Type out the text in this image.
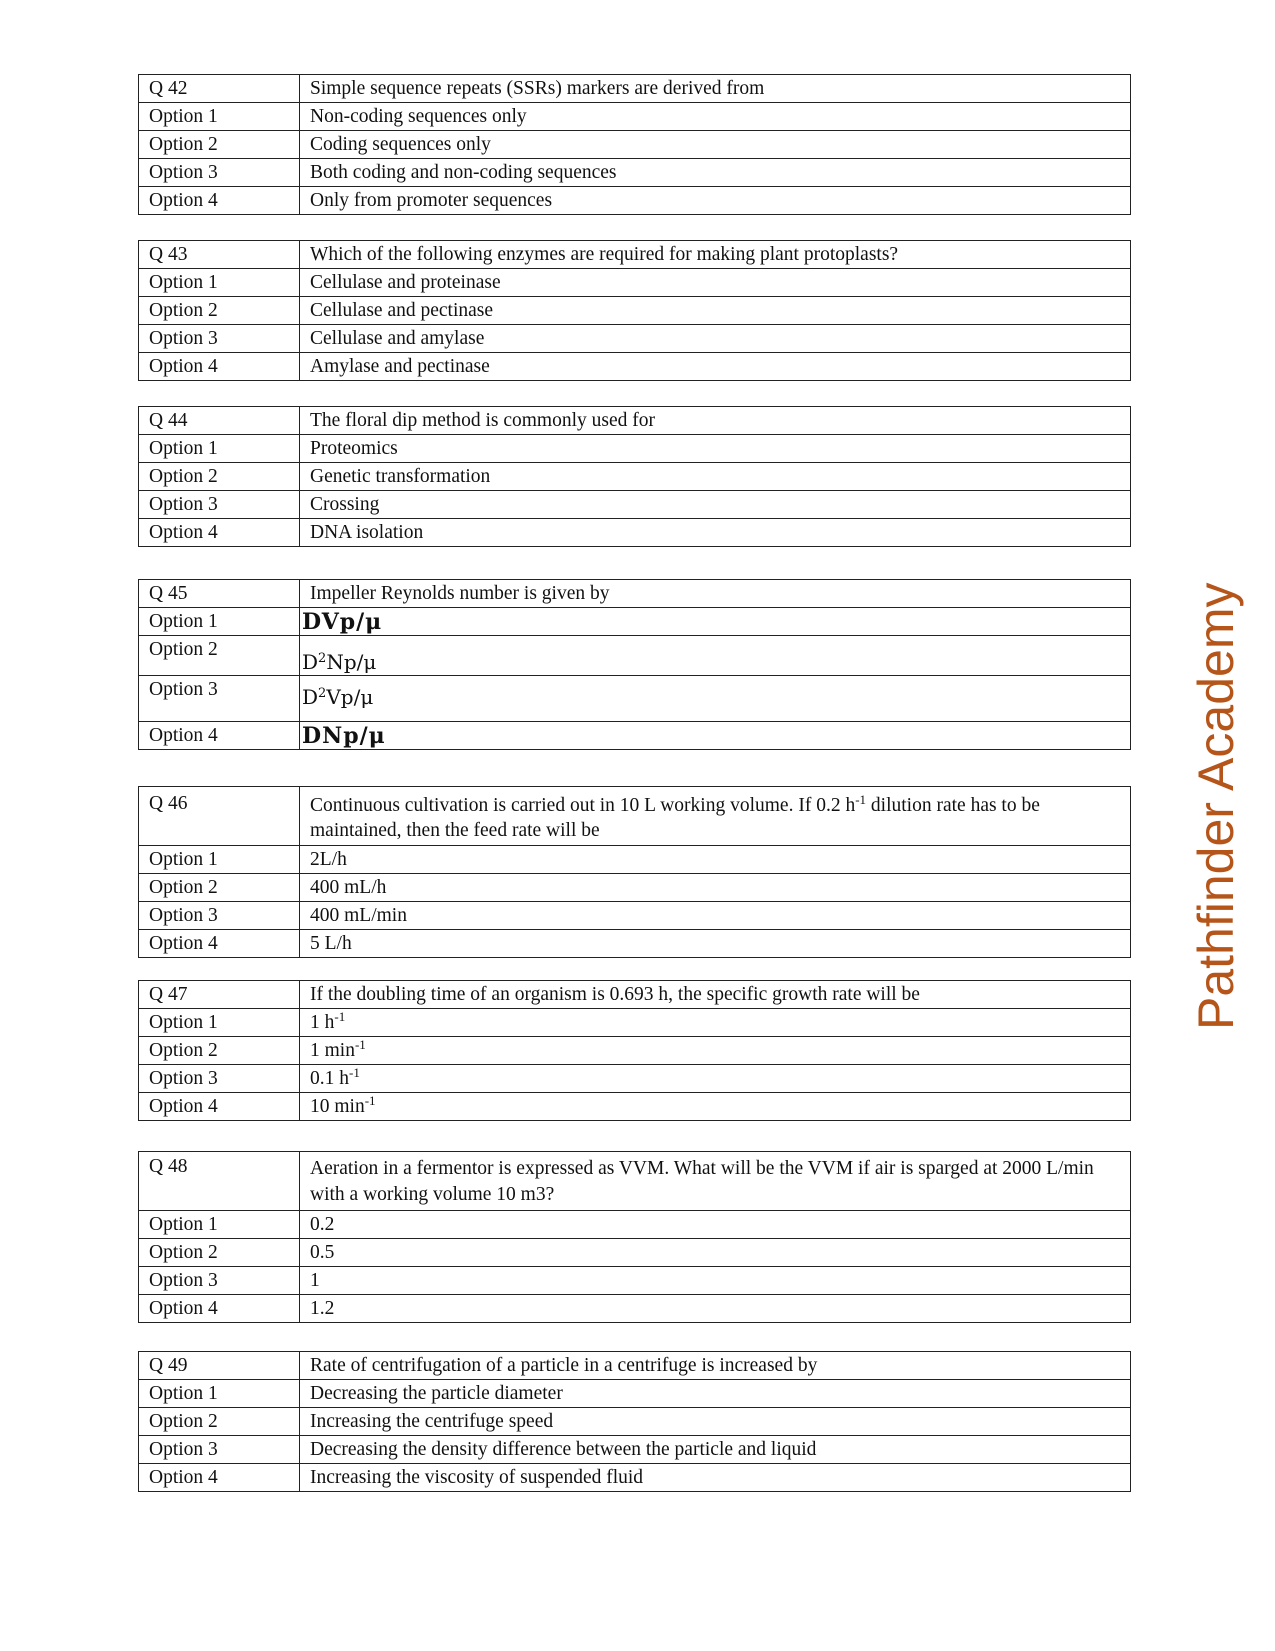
Q 42	Simple sequence repeats (SSRs) markers are derived from
Option 1	Non-coding sequences only
Option 2	Coding sequences only
Option 3	Both coding and non-coding sequences
Option 4	Only from promoter sequences
Q 43	Which of the following enzymes are required for making plant protoplasts?
Option 1	Cellulase and proteinase
Option 2	Cellulase and pectinase
Option 3	Cellulase and amylase
Option 4	Amylase and pectinase
Q 44	The floral dip method is commonly used for
Option 1	Proteomics
Option 2	Genetic transformation
Option 3	Crossing
Option 4	DNA isolation
Q 45	Impeller Reynolds number is given by
Option 1	DVp/μ
Option 2	$D^2Np/\mu$
Option 3	$D^2Vp/\mu$
Option 4	DNp/μ
Q 46	Continuous cultivation is carried out in 10 L working volume. If 0.2 $h^{-1}$ dilution rate has to be maintained, then the feed rate will be
Option 1	2L/h
Option 2	400 mL/h
Option 3	400 mL/min
Option 4	5 L/h
Q 47	If the doubling time of an organism is 0.693 h, the specific growth rate will be
Option 1	1 $h^{-1}$
Option 2	1 $\min^{-1}$
Option 3	0.1 $h^{-1}$
Option 4	10 $\min^{-1}$
Q 48	Aeration in a fermentor is expressed as VVM. What will be the VVM if air is sparged at 2000 L/min with a working volume 10 m3?
Option 1	0.2
Option 2	0.5
Option 3	1
Option 4	1.2
Q 49	Rate of centrifugation of a particle in a centrifuge is increased by
Option 1	Decreasing the particle diameter
Option 2	Increasing the centrifuge speed
Option 3	Decreasing the density difference between the particle and liquid
Option 4	Increasing the viscosity of suspended fluid
Pathfinder Academy
